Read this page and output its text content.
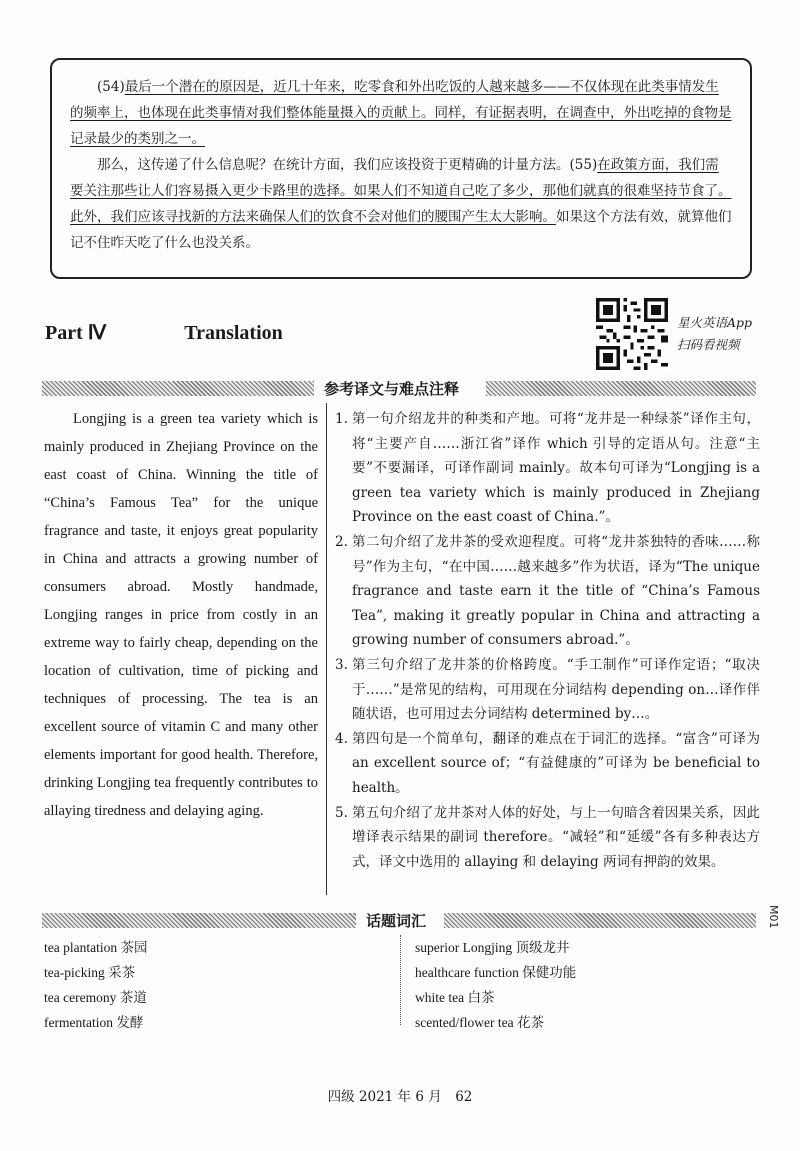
(54)最后一个潜在的原因是，近几十年来，吃零食和外出吃饭的人越来越多——不仅体现在此类事情发生的频率上，也体现在此类事情对我们整体能量摄入的贡献上。同样，有证据表明，在调查中，外出吃掉的食物是记录最少的类别之一。

那么，这传递了什么信息呢？在统计方面，我们应该投资于更精确的计量方法。(55)在政策方面，我们需要关注那些让人们容易摄入更少卡路里的选择。如果人们不知道自己吃了多少，那他们就真的很难坚持节食了。此外，我们应该寻找新的方法来确保人们的饮食不会对他们的腰围产生太大影响。如果这个方法有效，就算他们记不住昨天吃了什么也没关系。

Part Ⅳ	Translation	星火英语App
扫码看视频
参考译文与难点注释

Longjing is a green tea variety which is mainly produced in Zhejiang Province on the east coast of China. Winning the title of “China’s Famous Tea” for the unique fragrance and taste, it enjoys great popularity in China and attracts a growing number of consumers abroad. Mostly handmade, Longjing ranges in price from costly in an extreme way to fairly cheap, depending on the location of cultivation, time of picking and techniques of processing. The tea is an excellent source of vitamin C and many other elements important for good health. Therefore, drinking Longjing tea frequently contributes to allaying tiredness and delaying aging.

1. 第一句介绍龙井的种类和产地。可将“龙井是一种绿茶”译作主句，将“主要产自……浙江省”译作 which 引导的定语从句。注意“主要”不要漏译，可译作副词 mainly。故本句可译为“Longjing is a green tea variety which is mainly produced in Zhejiang Province on the east coast of China.”。
2. 第二句介绍了龙井茶的受欢迎程度。可将“龙井茶独特的香味……称号”作为主句，“在中国……越来越多”作为状语，译为“The unique fragrance and taste earn it the title of “China’s Famous Tea”, making it greatly popular in China and attracting a growing number of consumers abroad.”。
3. 第三句介绍了龙井茶的价格跨度。“手工制作”可译作定语；“取决于……”是常见的结构，可用现在分词结构 depending on…译作伴随状语，也可用过去分词结构 determined by…。
4. 第四句是一个简单句，翻译的难点在于词汇的选择。“富含”可译为 an excellent source of；“有益健康的”可译为 be beneficial to health。
5. 第五句介绍了龙井茶对人体的好处，与上一句暗含着因果关系，因此增译表示结果的副词 therefore。“减轻”和“延缓”各有多种表达方式，译文中选用的 allaying 和 delaying 两词有押韵的效果。
话题词汇
tea plantation 茶园
tea-picking 采茶
tea ceremony 茶道
fermentation 发酵
superior Longjing 顶级龙井
healthcare function 保健功能
white tea 白茶
scented/flower tea 花茶
M01
四级 2021 年 6 月　62
